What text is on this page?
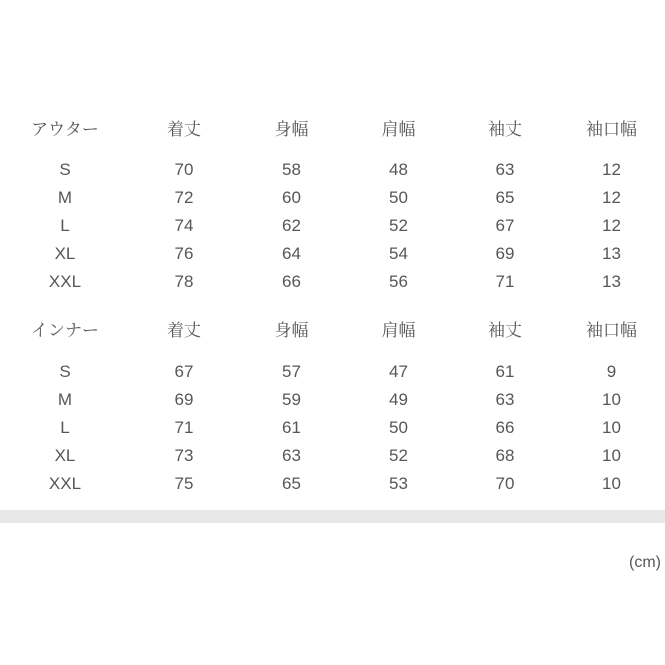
アウター	着丈	身幅	肩幅	袖丈	袖口幅
S	70	58	48	63	12
M	72	60	50	65	12
L	74	62	52	67	12
XL	76	64	54	69	13
XXL	78	66	56	71	13
インナー	着丈	身幅	肩幅	袖丈	袖口幅
S	67	57	47	61	9
M	69	59	49	63	10
L	71	61	50	66	10
XL	73	63	52	68	10
XXL	75	65	53	70	10
(cm)
